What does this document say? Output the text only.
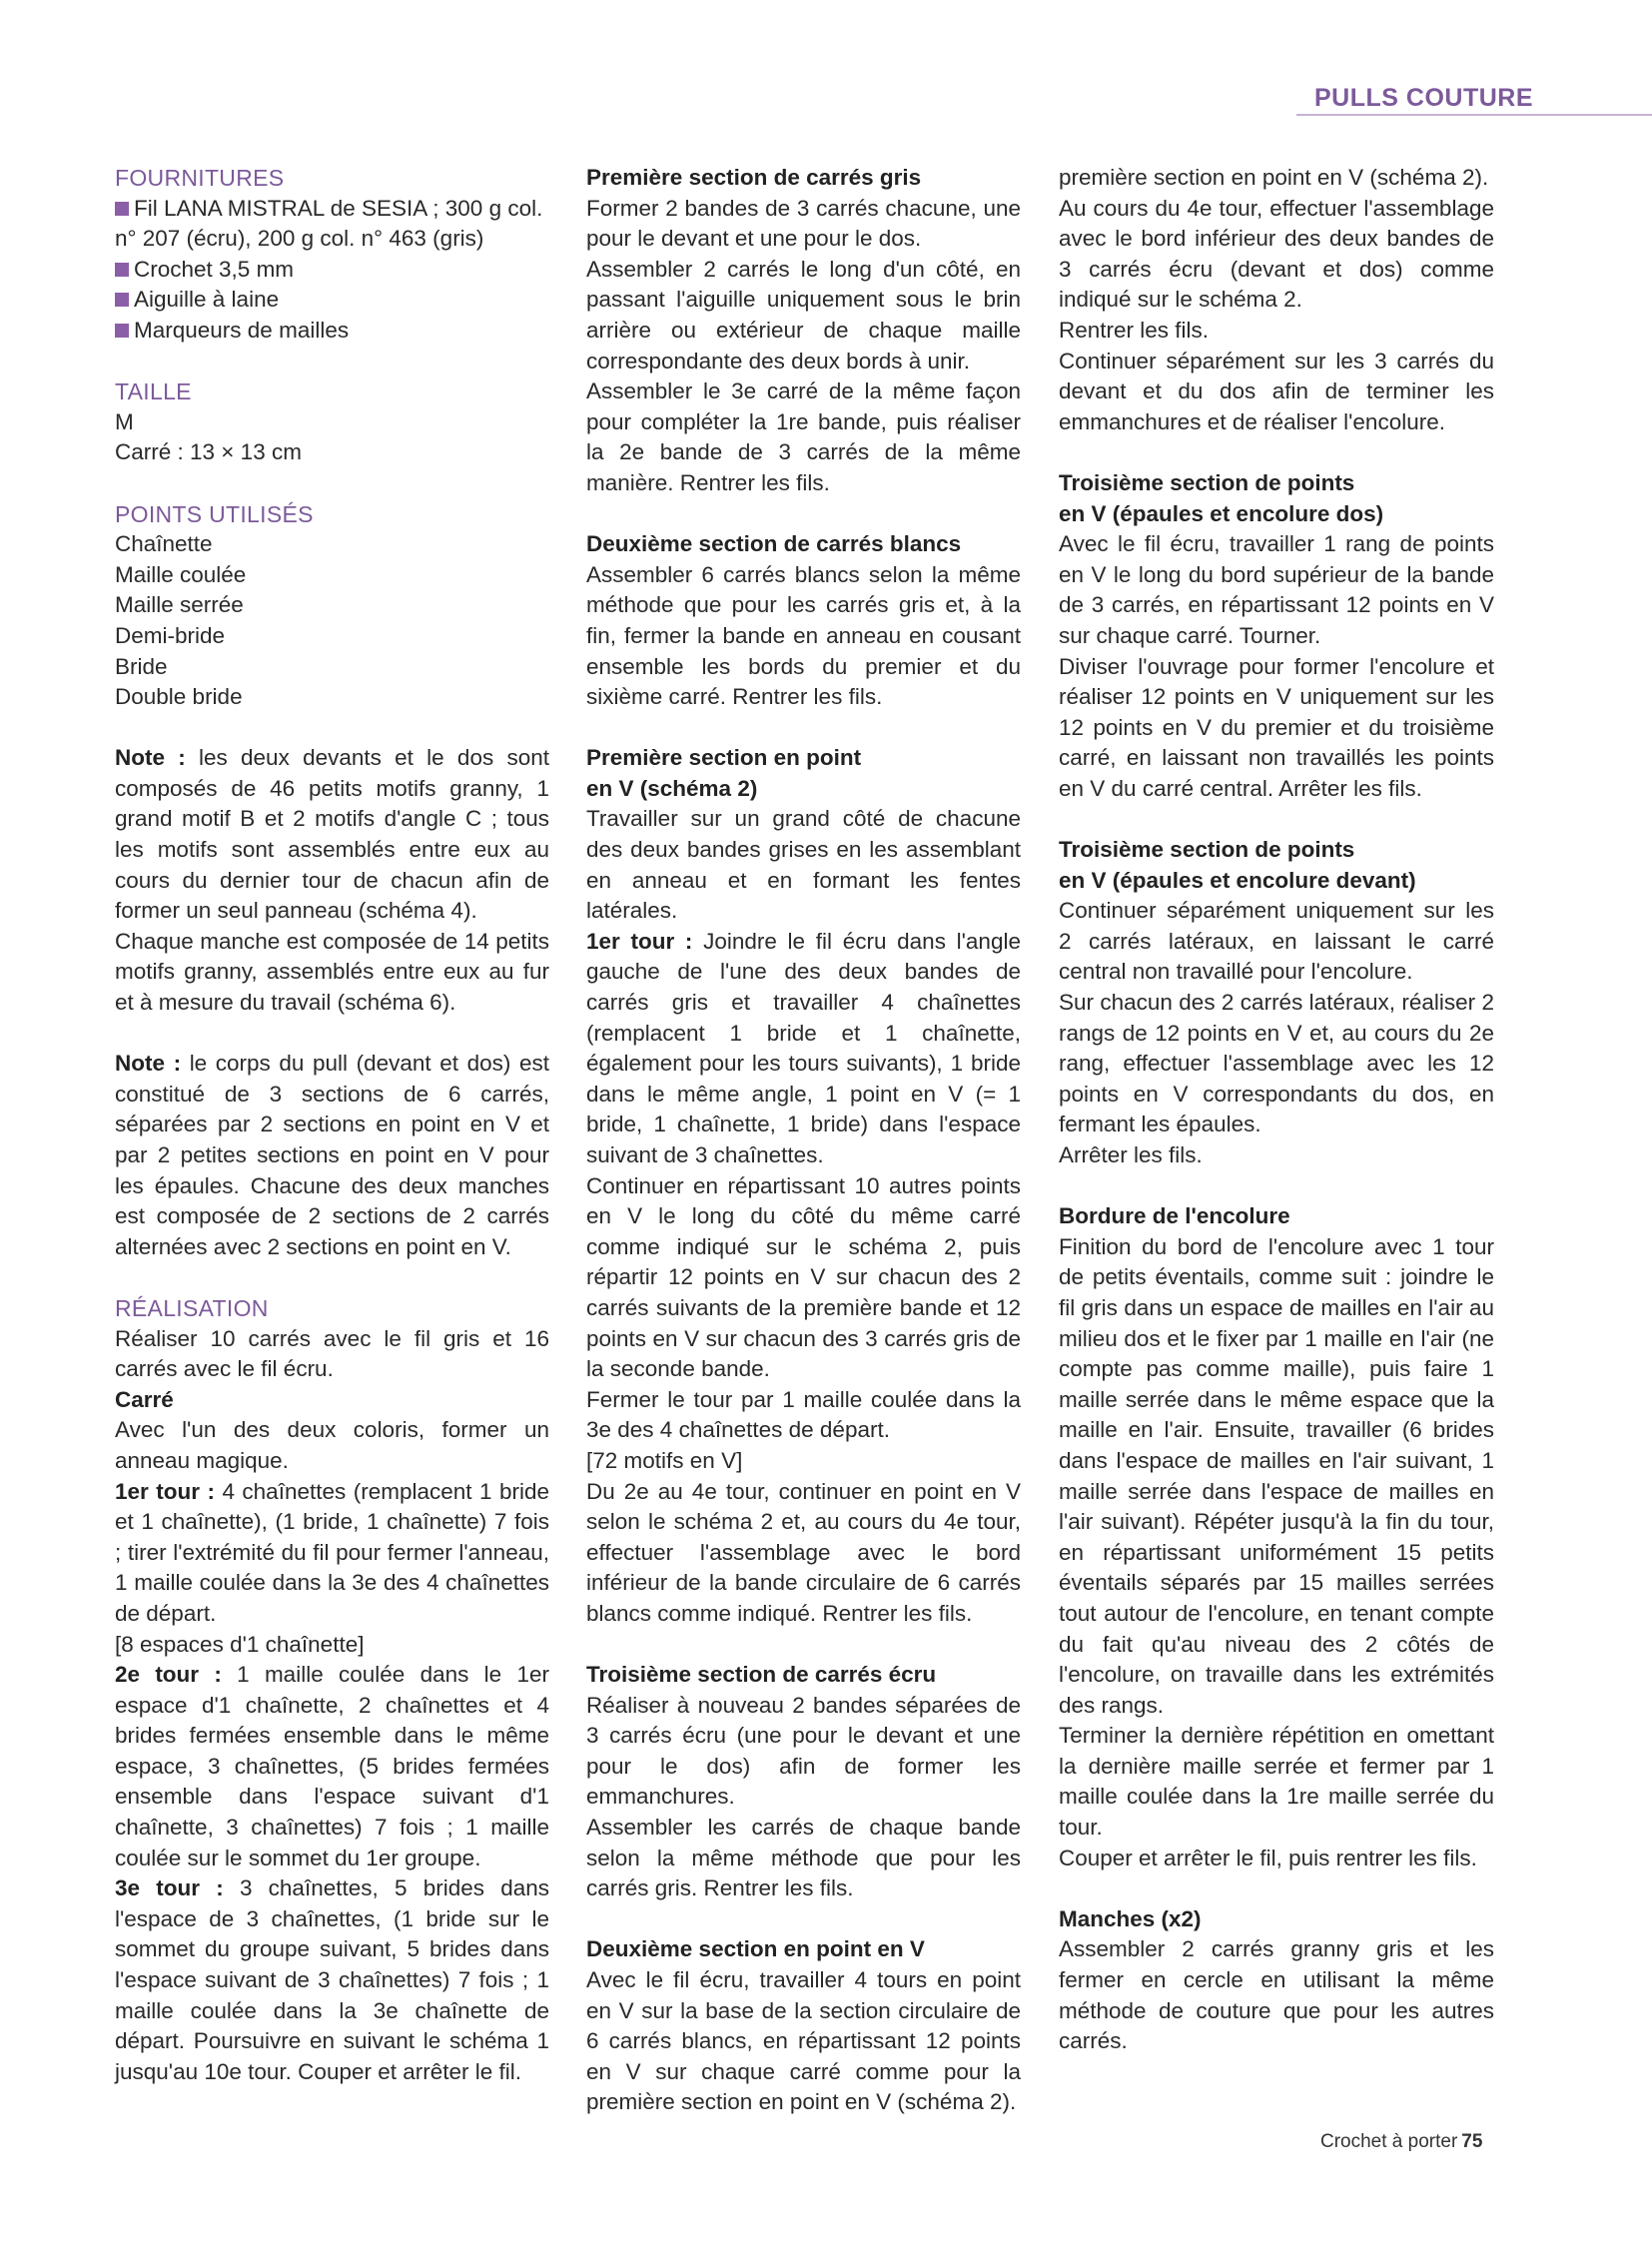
PULLS COUTURE

FOURNITURES

Fil LANA MISTRAL de SESIA ; 300 g col. n° 207 (écru), 200 g col. n° 463 (gris)

Crochet 3,5 mm

Aiguille à laine

Marqueurs de mailles

TAILLE

M

Carré : 13 × 13 cm

POINTS UTILISÉS

Chaînette

Maille coulée

Maille serrée

Demi-bride

Bride

Double bride

Note : les deux devants et le dos sont composés de 46 petits motifs granny, 1 grand motif B et 2 motifs d'angle C ; tous les motifs sont assemblés entre eux au cours du dernier tour de chacun afin de former un seul panneau (schéma 4).

Chaque manche est composée de 14 petits motifs granny, assemblés entre eux au fur et à mesure du travail (schéma 6).

Note : le corps du pull (devant et dos) est constitué de 3 sections de 6 carrés, séparées par 2 sections en point en V et par 2 petites sections en point en V pour les épaules. Chacune des deux manches est composée de 2 sections de 2 carrés alternées avec 2 sections en point en V.

RÉALISATION

Réaliser 10 carrés avec le fil gris et 16 carrés avec le fil écru.

Carré

Avec l'un des deux coloris, former un anneau magique.

1er tour : 4 chaînettes (remplacent 1 bride et 1 chaînette), (1 bride, 1 chaînette) 7 fois ; tirer l'extrémité du fil pour fermer l'anneau, 1 maille coulée dans la 3e des 4 chaînettes de départ.

[8 espaces d'1 chaînette]

2e tour : 1 maille coulée dans le 1er espace d'1 chaînette, 2 chaînettes et 4 brides fermées ensemble dans le même espace, 3 chaînettes, (5 brides fermées ensemble dans l'espace suivant d'1 chaînette, 3 chaînettes) 7 fois ; 1 maille coulée sur le sommet du 1er groupe.

3e tour : 3 chaînettes, 5 brides dans l'espace de 3 chaînettes, (1 bride sur le sommet du groupe suivant, 5 brides dans l'espace suivant de 3 chaînettes) 7 fois ; 1 maille coulée dans la 3e chaînette de départ. Poursuivre en suivant le schéma 1 jusqu'au 10e tour. Couper et arrêter le fil.

Première section de carrés gris

Former 2 bandes de 3 carrés chacune, une pour le devant et une pour le dos.

Assembler 2 carrés le long d'un côté, en passant l'aiguille uniquement sous le brin arrière ou extérieur de chaque maille correspondante des deux bords à unir.

Assembler le 3e carré de la même façon pour compléter la 1re bande, puis réaliser la 2e bande de 3 carrés de la même manière. Rentrer les fils.

Deuxième section de carrés blancs

Assembler 6 carrés blancs selon la même méthode que pour les carrés gris et, à la fin, fermer la bande en anneau en cousant ensemble les bords du premier et du sixième carré. Rentrer les fils.

Première section en point

en V (schéma 2)

Travailler sur un grand côté de chacune des deux bandes grises en les assemblant en anneau et en formant les fentes latérales.

1er tour : Joindre le fil écru dans l'angle gauche de l'une des deux bandes de carrés gris et travailler 4 chaînettes (remplacent 1 bride et 1 chaînette, également pour les tours suivants), 1 bride dans le même angle, 1 point en V (= 1 bride, 1 chaînette, 1 bride) dans l'espace suivant de 3 chaînettes.

Continuer en répartissant 10 autres points en V le long du côté du même carré comme indiqué sur le schéma 2, puis répartir 12 points en V sur chacun des 2 carrés suivants de la première bande et 12 points en V sur chacun des 3 carrés gris de la seconde bande.

Fermer le tour par 1 maille coulée dans la 3e des 4 chaînettes de départ.

[72 motifs en V]

Du 2e au 4e tour, continuer en point en V selon le schéma 2 et, au cours du 4e tour, effectuer l'assemblage avec le bord inférieur de la bande circulaire de 6 carrés blancs comme indiqué. Rentrer les fils.

Troisième section de carrés écru

Réaliser à nouveau 2 bandes séparées de 3 carrés écru (une pour le devant et une pour le dos) afin de former les emmanchures.

Assembler les carrés de chaque bande selon la même méthode que pour les carrés gris. Rentrer les fils.

Deuxième section en point en V

Avec le fil écru, travailler 4 tours en point en V sur la base de la section circulaire de 6 carrés blancs, en répartissant 12 points en V sur chaque carré comme pour la première section en point en V (schéma 2).

première section en point en V (schéma 2).

Au cours du 4e tour, effectuer l'assemblage avec le bord inférieur des deux bandes de 3 carrés écru (devant et dos) comme indiqué sur le schéma 2.

Rentrer les fils.

Continuer séparément sur les 3 carrés du devant et du dos afin de terminer les emmanchures et de réaliser l'encolure.

Troisième section de points

en V (épaules et encolure dos)

Avec le fil écru, travailler 1 rang de points en V le long du bord supérieur de la bande de 3 carrés, en répartissant 12 points en V sur chaque carré. Tourner.

Diviser l'ouvrage pour former l'encolure et réaliser 12 points en V uniquement sur les 12 points en V du premier et du troisième carré, en laissant non travaillés les points en V du carré central. Arrêter les fils.

Troisième section de points

en V (épaules et encolure devant)

Continuer séparément uniquement sur les 2 carrés latéraux, en laissant le carré central non travaillé pour l'encolure.

Sur chacun des 2 carrés latéraux, réaliser 2 rangs de 12 points en V et, au cours du 2e rang, effectuer l'assemblage avec les 12 points en V correspondants du dos, en fermant les épaules.

Arrêter les fils.

Bordure de l'encolure

Finition du bord de l'encolure avec 1 tour de petits éventails, comme suit : joindre le fil gris dans un espace de mailles en l'air au milieu dos et le fixer par 1 maille en l'air (ne compte pas comme maille), puis faire 1 maille serrée dans le même espace que la maille en l'air. Ensuite, travailler (6 brides dans l'espace de mailles en l'air suivant, 1 maille serrée dans l'espace de mailles en l'air suivant). Répéter jusqu'à la fin du tour, en répartissant uniformément 15 petits éventails séparés par 15 mailles serrées tout autour de l'encolure, en tenant compte du fait qu'au niveau des 2 côtés de l'encolure, on travaille dans les extrémités des rangs.

Terminer la dernière répétition en omettant la dernière maille serrée et fermer par 1 maille coulée dans la 1re maille serrée du tour.

Couper et arrêter le fil, puis rentrer les fils.

Manches (x2)

Assembler 2 carrés granny gris et les fermer en cercle en utilisant la même méthode de couture que pour les autres carrés.

Crochet à porter 75
